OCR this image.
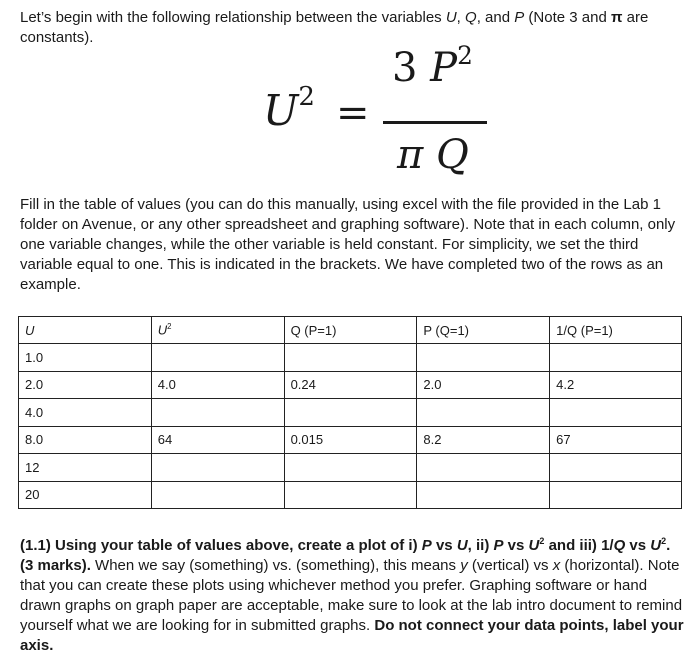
Let’s begin with the following relationship between the variables U, Q, and P (Note 3 and π are constants).

$U^2$ =
3 $P^2$
π Q

Fill in the table of values (you can do this manually, using excel with the file provided in the Lab 1 folder on Avenue, or any other spreadsheet and graphing software). Note that in each column, only one variable changes, while the other variable is held constant. For simplicity, we set the third variable equal to one. This is indicated in the brackets. We have completed two of the rows as an example.

U	$U^2$	Q (P=1)	P (Q=1)	1/Q (P=1)
1.0				
2.0	4.0	0.24	2.0	4.2
4.0				
8.0	64	0.015	8.2	67
12				
20				

(1.1) Using your table of values above, create a plot of i) P vs U, ii) P vs $U^2$ and iii) 1/Q vs $U^2$. (3 marks). When we say (something) vs. (something), this means y (vertical) vs x (horizontal). Note that you can create these plots using whichever method you prefer. Graphing software or hand drawn graphs on graph paper are acceptable, make sure to look at the lab intro document to remind yourself what we are looking for in submitted graphs. Do not connect your data points, label your axis.
